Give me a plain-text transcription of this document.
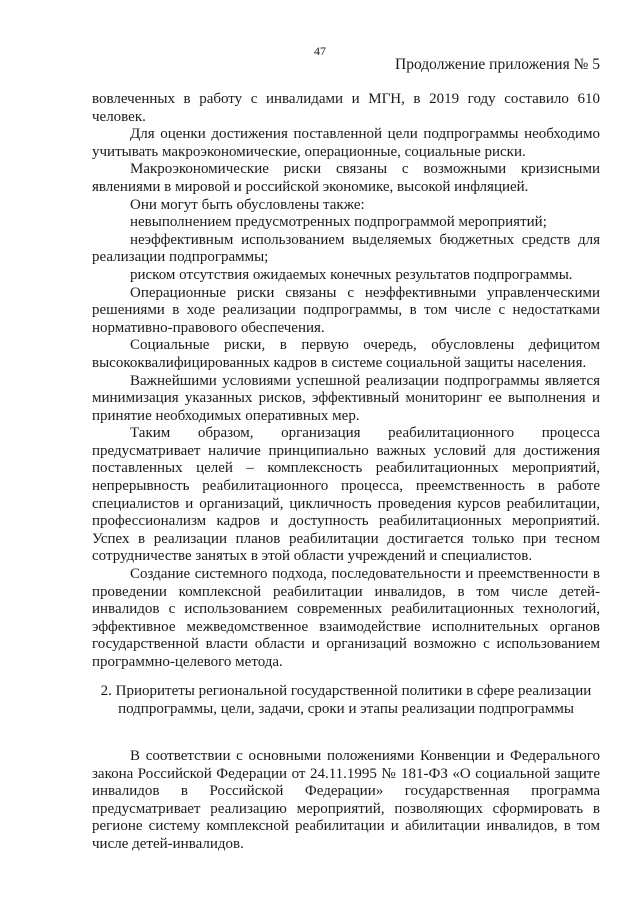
47
Продолжение приложения № 5

вовлеченных в работу с инвалидами и МГН, в 2019 году составило 610 человек.

Для оценки достижения поставленной цели подпрограммы необходимо учитывать макроэкономические, операционные, социальные риски.

Макроэкономические риски связаны с возможными кризисными явлениями в мировой и российской экономике, высокой инфляцией.

Они могут быть обусловлены также:

невыполнением предусмотренных подпрограммой мероприятий;

неэффективным использованием выделяемых бюджетных средств для реализации подпрограммы;

риском отсутствия ожидаемых конечных результатов подпрограммы.

Операционные риски связаны с неэффективными управленческими решениями в ходе реализации подпрограммы, в том числе с недостатками нормативно-правового обеспечения.

Социальные риски, в первую очередь, обусловлены дефицитом высококвалифицированных кадров в системе социальной защиты населения.

Важнейшими условиями успешной реализации подпрограммы является минимизация указанных рисков, эффективный мониторинг ее выполнения и принятие необходимых оперативных мер.

Таким образом, организация реабилитационного процесса предусматривает наличие принципиально важных условий для достижения поставленных целей – комплексность реабилитационных мероприятий, непрерывность реабилитационного процесса, преемственность в работе специалистов и организаций, цикличность проведения курсов реабилитации, профессионализм кадров и доступность реабилитационных мероприятий. Успех в реализации планов реабилитации достигается только при тесном сотрудничестве занятых в этой области учреждений и специалистов.

Создание системного подхода, последовательности и преемственности в проведении комплексной реабилитации инвалидов, в том числе детей-инвалидов с использованием современных реабилитационных технологий, эффективное межведомственное взаимодействие исполнительных органов государственной власти области и организаций возможно с использованием программно-целевого метода.

2. Приоритеты региональной государственной политики в сфере реализации

подпрограммы, цели, задачи, сроки и этапы реализации подпрограммы

В соответствии с основными положениями Конвенции и Федерального закона Российской Федерации от 24.11.1995 № 181-ФЗ «О социальной защите инвалидов в Российской Федерации» государственная программа предусматривает реализацию мероприятий, позволяющих сформировать в регионе систему комплексной реабилитации и абилитации инвалидов, в том числе детей-инвалидов.
